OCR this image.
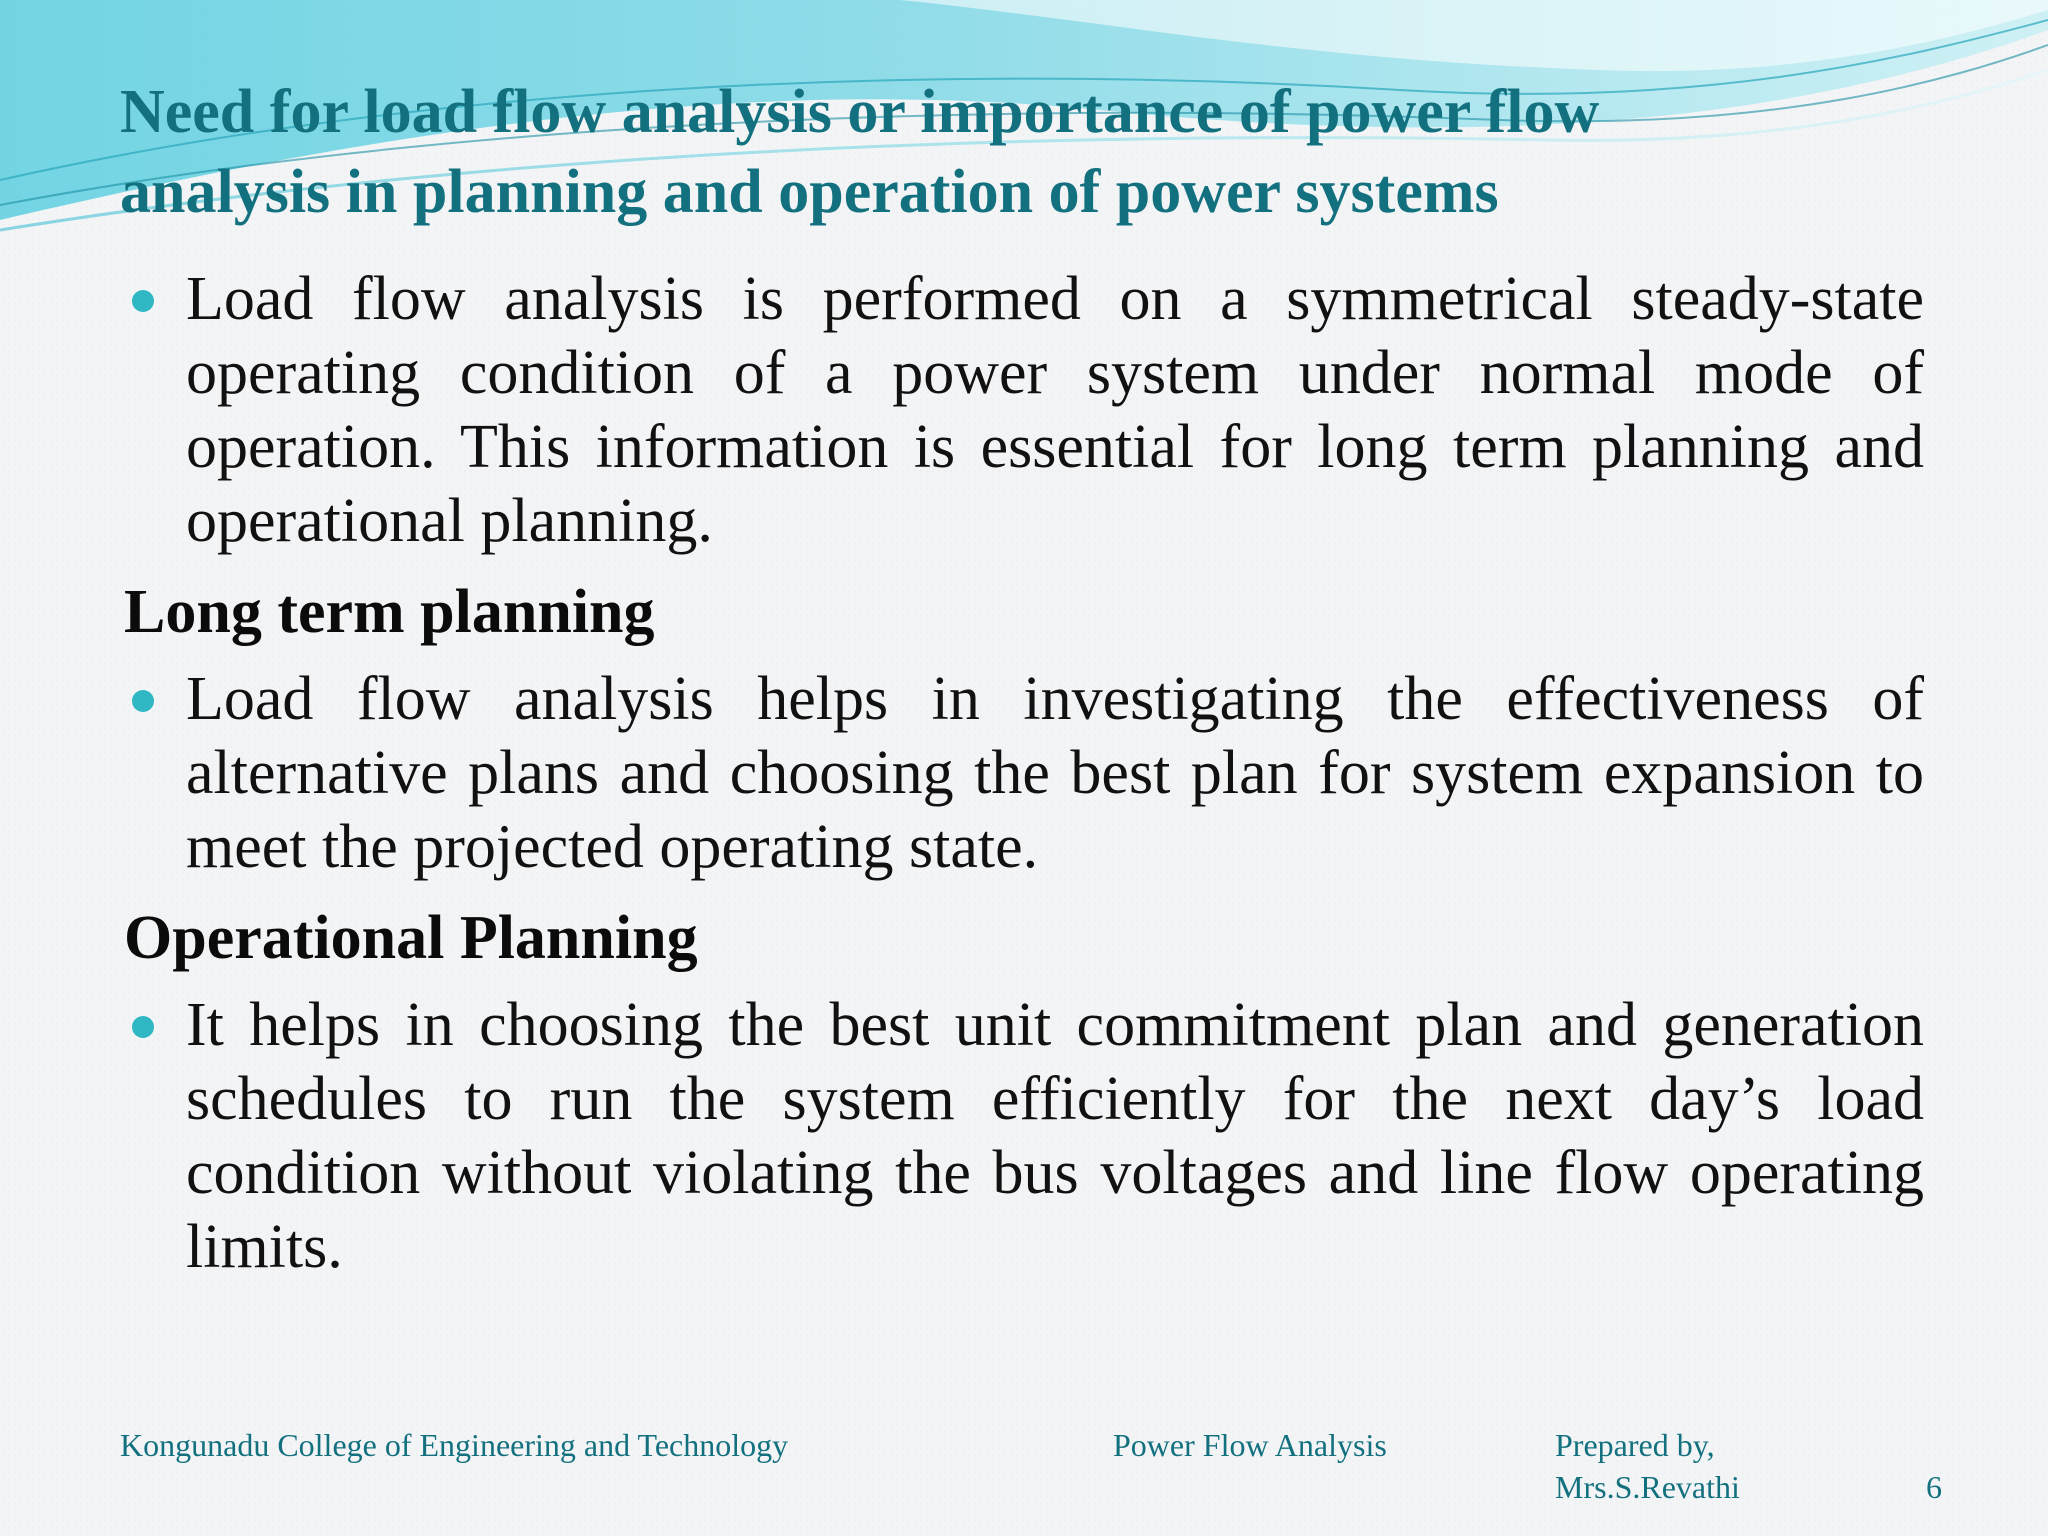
Need for load flow analysis or importance of power flow
analysis in planning and operation of power systems
Load flow analysis is performed on a symmetrical steady-state operating condition of a power system under normal mode of operation. This information is essential for long term planning and operational planning.
Long term planning
Load flow analysis helps in investigating the effectiveness of alternative plans and choosing the best plan for system expansion to meet the projected operating state.
Operational Planning
It helps in choosing the best unit commitment plan and generation schedules to run the system efficiently for the next day’s load condition without violating the bus voltages and line flow operating limits.
Kongunadu College of Engineering and Technology	Power Flow Analysis	Prepared by,
Mrs.S.Revathi	6
